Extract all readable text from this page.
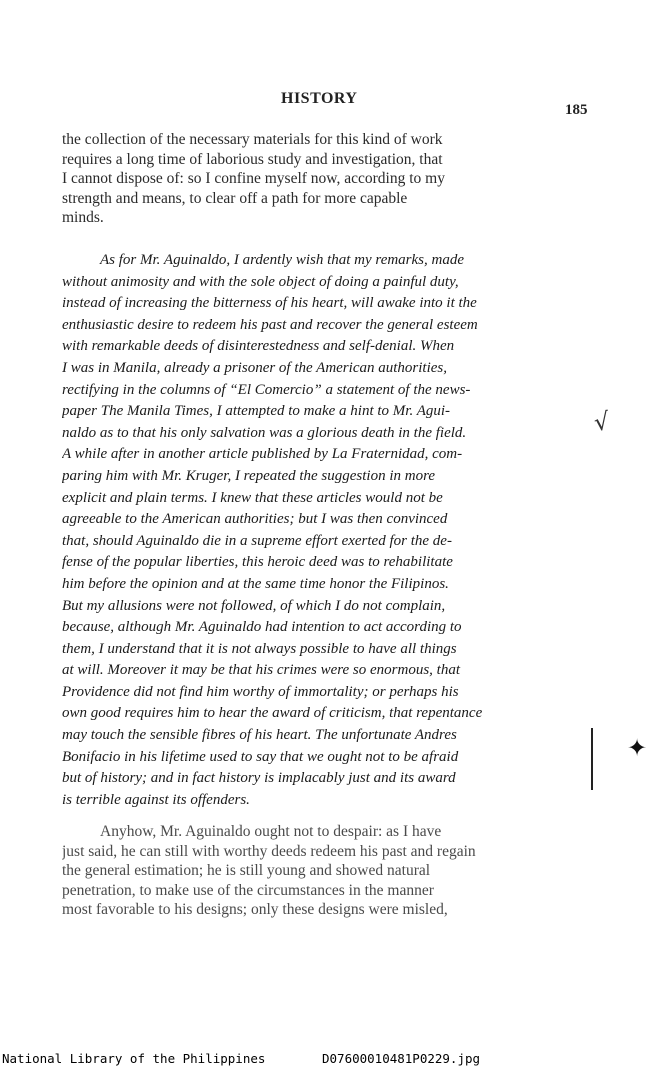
HISTORY
185
the collection of the necessary materials for this kind of work
requires a long time of laborious study and investigation, that
I cannot dispose of: so I confine myself now, according to my
strength and means, to clear off a path for more capable
minds.
As for Mr. Aguinaldo, I ardently wish that my remarks, made
without animosity and with the sole object of doing a painful duty,
instead of increasing the bitterness of his heart, will awake into it the
enthusiastic desire to redeem his past and recover the general esteem
with remarkable deeds of disinterestedness and self-denial. When
I was in Manila, already a prisoner of the American authorities,
rectifying in the columns of “El Comercio” a statement of the news-
paper The Manila Times, I attempted to make a hint to Mr. Agui-
naldo as to that his only salvation was a glorious death in the field.
A while after in another article published by La Fraternidad, com-
paring him with Mr. Kruger, I repeated the suggestion in more
explicit and plain terms. I knew that these articles would not be
agreeable to the American authorities; but I was then convinced
that, should Aguinaldo die in a supreme effort exerted for the de-
fense of the popular liberties, this heroic deed was to rehabilitate
him before the opinion and at the same time honor the Filipinos.
But my allusions were not followed, of which I do not complain,
because, although Mr. Aguinaldo had intention to act according to
them, I understand that it is not always possible to have all things
at will. Moreover it may be that his crimes were so enormous, that
Providence did not find him worthy of immortality; or perhaps his
own good requires him to hear the award of criticism, that repentance
may touch the sensible fibres of his heart. The unfortunate Andres
Bonifacio in his lifetime used to say that we ought not to be afraid
but of history; and in fact history is implacably just and its award
is terrible against its offenders.
Anyhow, Mr. Aguinaldo ought not to despair: as I have
just said, he can still with worthy deeds redeem his past and regain
the general estimation; he is still young and showed natural
penetration, to make use of the circumstances in the manner
most favorable to his designs; only these designs were misled,
√
✦
National Library of the Philippines	D07600010481P0229.jpg
